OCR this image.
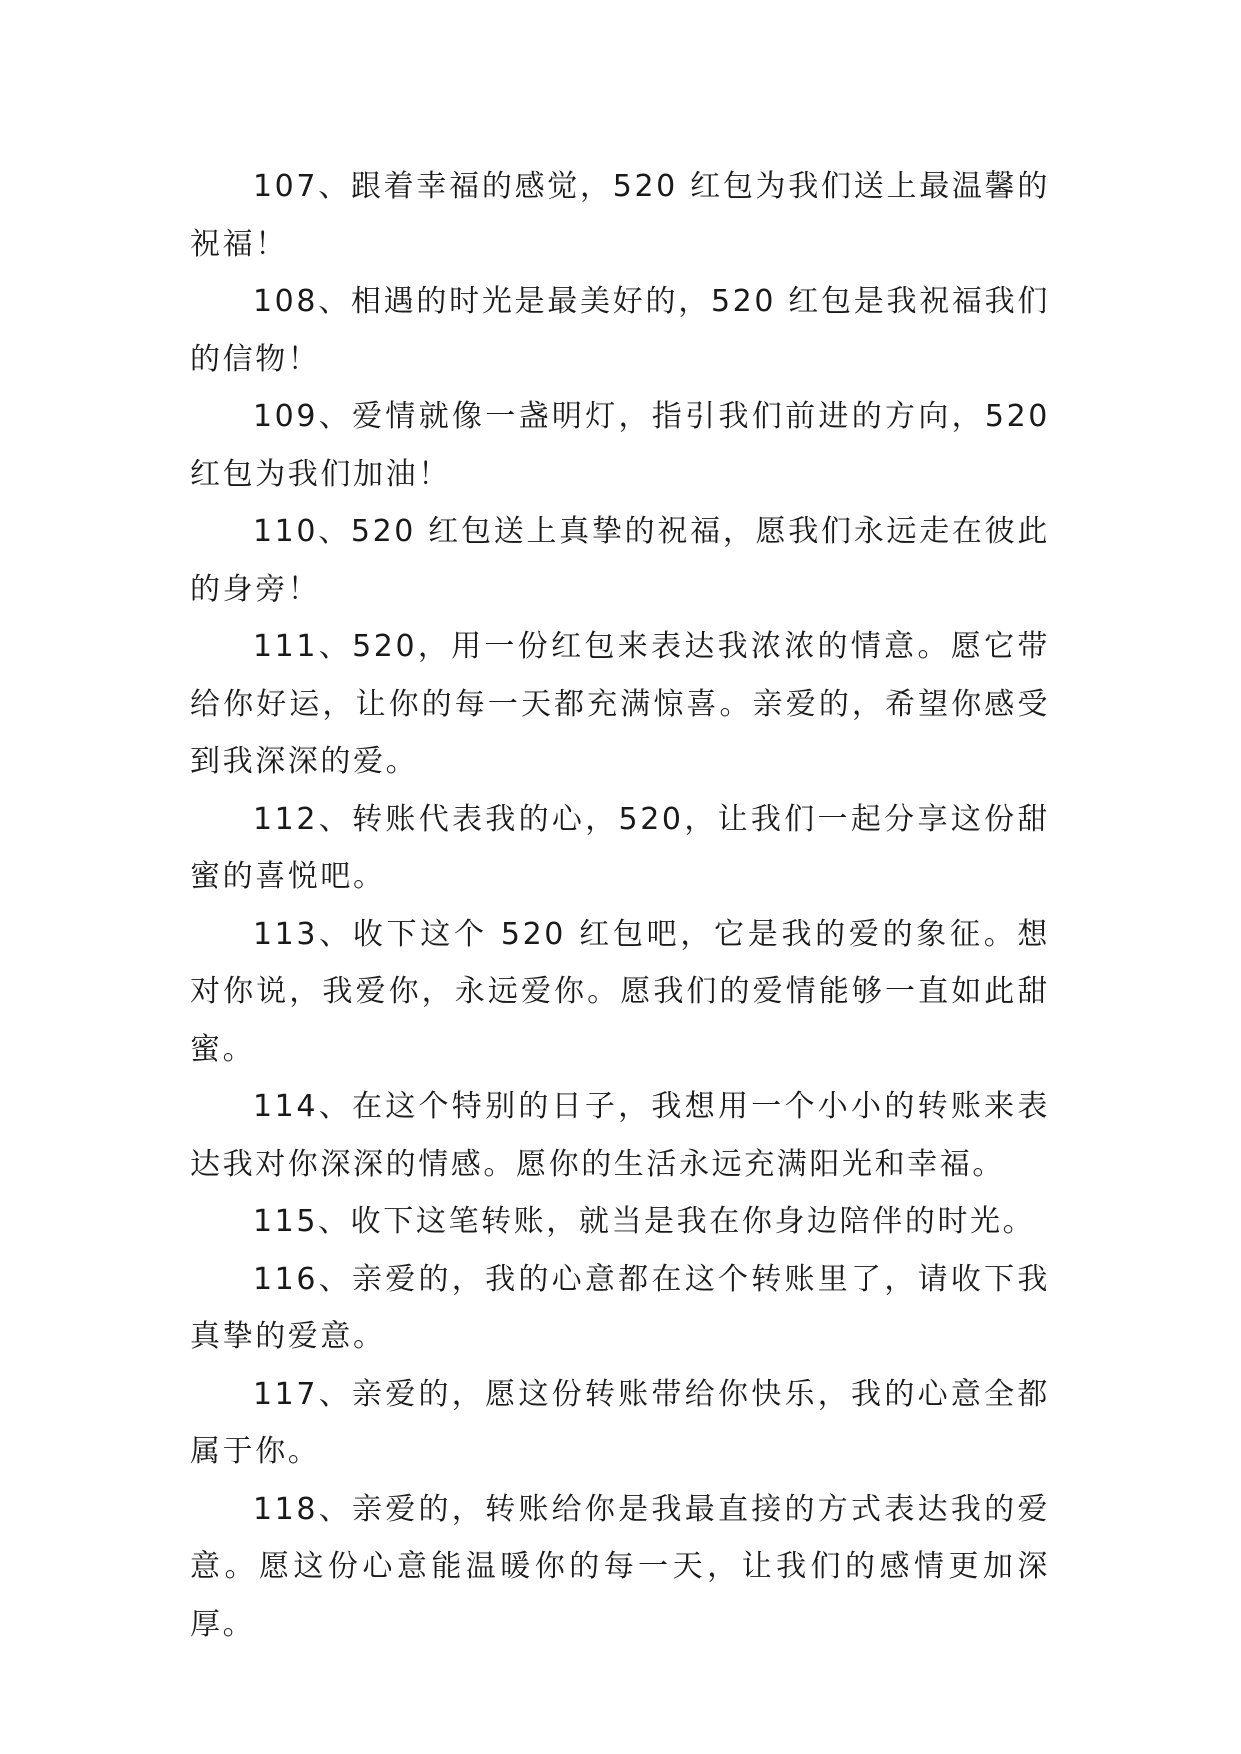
107、跟着幸福的感觉，520 红包为我们送上最温馨的祝福！

108、相遇的时光是最美好的，520 红包是我祝福我们的信物！

109、爱情就像一盏明灯，指引我们前进的方向，520 红包为我们加油！

110、520 红包送上真挚的祝福，愿我们永远走在彼此的身旁！

111、520，用一份红包来表达我浓浓的情意。愿它带给你好运，让你的每一天都充满惊喜。亲爱的，希望你感受到我深深的爱。

112、转账代表我的心，520，让我们一起分享这份甜蜜的喜悦吧。

113、收下这个 520 红包吧，它是我的爱的象征。想对你说，我爱你，永远爱你。愿我们的爱情能够一直如此甜蜜。

114、在这个特别的日子，我想用一个小小的转账来表达我对你深深的情感。愿你的生活永远充满阳光和幸福。

115、收下这笔转账，就当是我在你身边陪伴的时光。

116、亲爱的，我的心意都在这个转账里了，请收下我真挚的爱意。

117、亲爱的，愿这份转账带给你快乐，我的心意全都属于你。

118、亲爱的，转账给你是我最直接的方式表达我的爱意。愿这份心意能温暖你的每一天，让我们的感情更加深厚。
